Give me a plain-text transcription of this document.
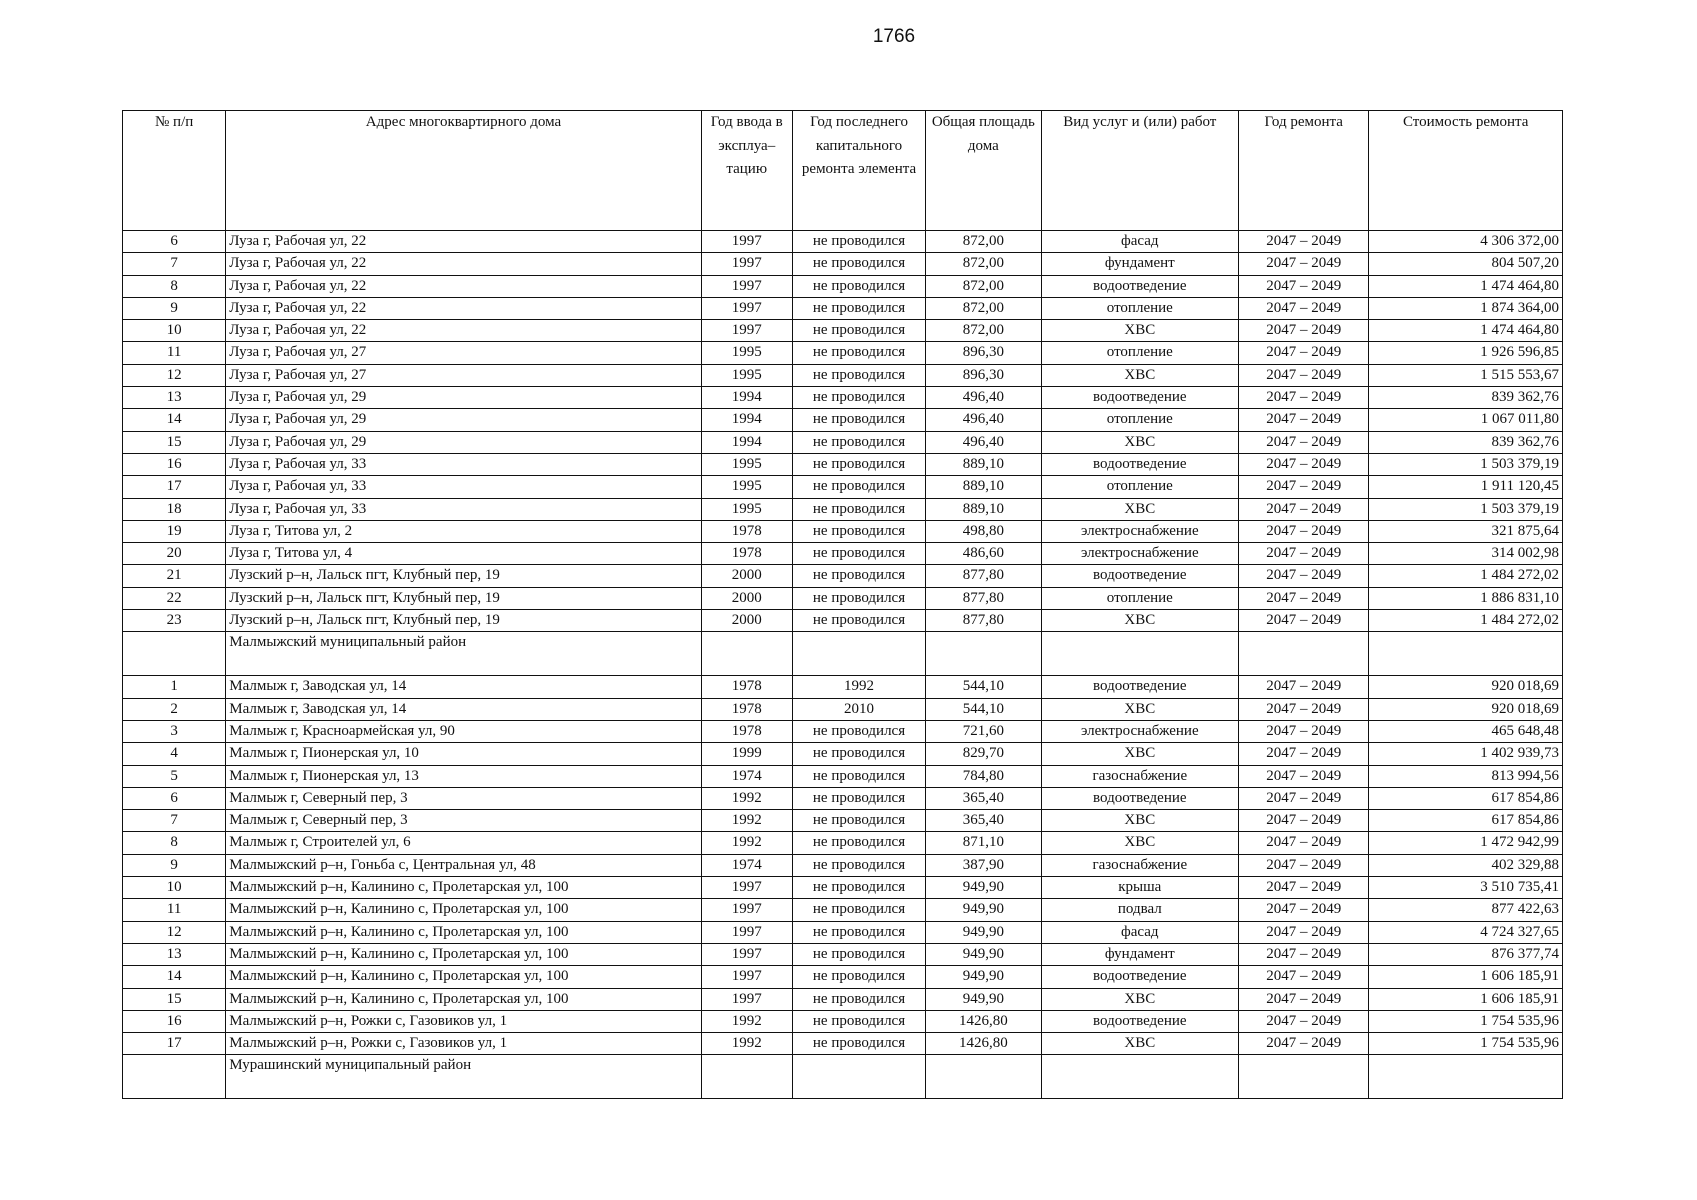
1766
№ п/п	Адрес многоквартирного дома	Год ввода в эксплуа–тацию	Год последнего капитального ремонта элемента	Общая площадь дома	Вид услуг и (или) работ	Год ремонта	Стоимость ремонта
6	Луза г, Рабочая ул, 22	1997	не проводился	872,00	фасад	2047 – 2049	4 306 372,00
7	Луза г, Рабочая ул, 22	1997	не проводился	872,00	фундамент	2047 – 2049	804 507,20
8	Луза г, Рабочая ул, 22	1997	не проводился	872,00	водоотведение	2047 – 2049	1 474 464,80
9	Луза г, Рабочая ул, 22	1997	не проводился	872,00	отопление	2047 – 2049	1 874 364,00
10	Луза г, Рабочая ул, 22	1997	не проводился	872,00	ХВС	2047 – 2049	1 474 464,80
11	Луза г, Рабочая ул, 27	1995	не проводился	896,30	отопление	2047 – 2049	1 926 596,85
12	Луза г, Рабочая ул, 27	1995	не проводился	896,30	ХВС	2047 – 2049	1 515 553,67
13	Луза г, Рабочая ул, 29	1994	не проводился	496,40	водоотведение	2047 – 2049	839 362,76
14	Луза г, Рабочая ул, 29	1994	не проводился	496,40	отопление	2047 – 2049	1 067 011,80
15	Луза г, Рабочая ул, 29	1994	не проводился	496,40	ХВС	2047 – 2049	839 362,76
16	Луза г, Рабочая ул, 33	1995	не проводился	889,10	водоотведение	2047 – 2049	1 503 379,19
17	Луза г, Рабочая ул, 33	1995	не проводился	889,10	отопление	2047 – 2049	1 911 120,45
18	Луза г, Рабочая ул, 33	1995	не проводился	889,10	ХВС	2047 – 2049	1 503 379,19
19	Луза г, Титова ул, 2	1978	не проводился	498,80	электроснабжение	2047 – 2049	321 875,64
20	Луза г, Титова ул, 4	1978	не проводился	486,60	электроснабжение	2047 – 2049	314 002,98
21	Лузский р–н, Лальск пгт, Клубный пер, 19	2000	не проводился	877,80	водоотведение	2047 – 2049	1 484 272,02
22	Лузский р–н, Лальск пгт, Клубный пер, 19	2000	не проводился	877,80	отопление	2047 – 2049	1 886 831,10
23	Лузский р–н, Лальск пгт, Клубный пер, 19	2000	не проводился	877,80	ХВС	2047 – 2049	1 484 272,02
	Малмыжский муниципальный район						
1	Малмыж г, Заводская ул, 14	1978	1992	544,10	водоотведение	2047 – 2049	920 018,69
2	Малмыж г, Заводская ул, 14	1978	2010	544,10	ХВС	2047 – 2049	920 018,69
3	Малмыж г, Красноармейская ул, 90	1978	не проводился	721,60	электроснабжение	2047 – 2049	465 648,48
4	Малмыж г, Пионерская ул, 10	1999	не проводился	829,70	ХВС	2047 – 2049	1 402 939,73
5	Малмыж г, Пионерская ул, 13	1974	не проводился	784,80	газоснабжение	2047 – 2049	813 994,56
6	Малмыж г, Северный пер, 3	1992	не проводился	365,40	водоотведение	2047 – 2049	617 854,86
7	Малмыж г, Северный пер, 3	1992	не проводился	365,40	ХВС	2047 – 2049	617 854,86
8	Малмыж г, Строителей ул, 6	1992	не проводился	871,10	ХВС	2047 – 2049	1 472 942,99
9	Малмыжский р–н, Гоньба с, Центральная ул, 48	1974	не проводился	387,90	газоснабжение	2047 – 2049	402 329,88
10	Малмыжский р–н, Калинино с, Пролетарская ул, 100	1997	не проводился	949,90	крыша	2047 – 2049	3 510 735,41
11	Малмыжский р–н, Калинино с, Пролетарская ул, 100	1997	не проводился	949,90	подвал	2047 – 2049	877 422,63
12	Малмыжский р–н, Калинино с, Пролетарская ул, 100	1997	не проводился	949,90	фасад	2047 – 2049	4 724 327,65
13	Малмыжский р–н, Калинино с, Пролетарская ул, 100	1997	не проводился	949,90	фундамент	2047 – 2049	876 377,74
14	Малмыжский р–н, Калинино с, Пролетарская ул, 100	1997	не проводился	949,90	водоотведение	2047 – 2049	1 606 185,91
15	Малмыжский р–н, Калинино с, Пролетарская ул, 100	1997	не проводился	949,90	ХВС	2047 – 2049	1 606 185,91
16	Малмыжский р–н, Рожки с, Газовиков ул, 1	1992	не проводился	1426,80	водоотведение	2047 – 2049	1 754 535,96
17	Малмыжский р–н, Рожки с, Газовиков ул, 1	1992	не проводился	1426,80	ХВС	2047 – 2049	1 754 535,96
	Мурашинский муниципальный район						
